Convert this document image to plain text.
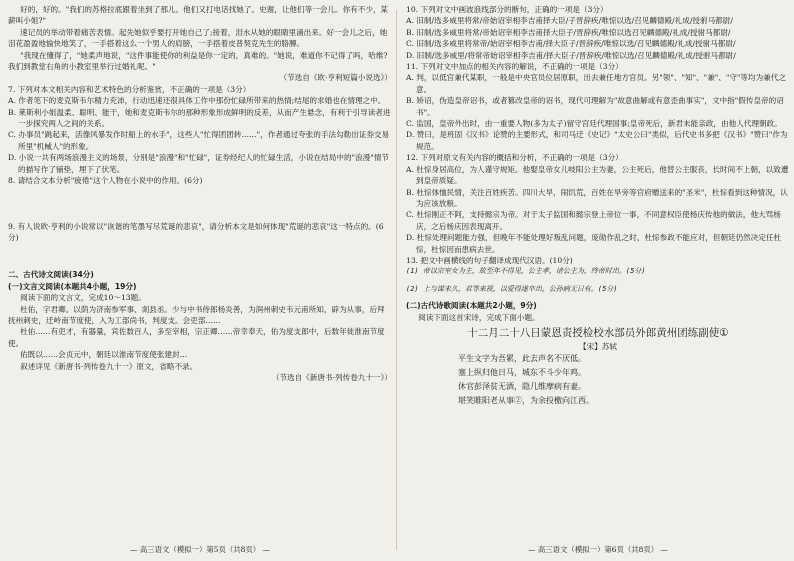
好的，好的。"我们的苏格拉底跟着坐到了那儿。他们又打电话找她了。史谢，让他们等一会儿。你有不少，某薪叫小姐?"

速记员的举动带着痛苦表情。起先她似乎要打开她自己了;接着，泪水从她的眼睛里涌出来。好一会儿之后，她泪花盈盈地愉快地笑了，一手搭着这么一个男人的肩膀，一手搭着皮普契克先生的胳膊。

"我现在懂得了，"她柔声地说，"这件事能使你的利益是你一定的，真难的。"她说，难道你不记得了吗，哈维?我们到教堂右角的小教室里举行过婚礼呢。"

（节选自《欧·亨利短篇小说选》）

7. 下列对本文相关内容和艺术特色的分析鉴赏，不正确的一项是（3分）

A. 作者笔下的麦克斯韦尔精力充沛，行动迅速还很具体工作中那份忙碌所带来的热情;结尾的求婚也在情理之中。

B. 莱斯利小姐温柔、聪明、能干，她和麦克斯韦尔的那种形象形成鲜明的反差，从而产生悬念，有利于引导读者进一步探究两人之间的关系。

C. 办事员"跳起来，活像风暴发作时船上的水手"，这些人"忙得团团转……"，作者通过夸张的手法勾勒出证券交易所里"机械人"的形象。

D. 小说一共有两场浪漫主义的场景，分别是"浪漫"和"忙碌"，证券经纪人的忙碌生活，小说在结局中的"浪漫"情节的描写作了铺垫，埋下了伏笔。

8. 请结合文本分析"疲倦"这个人物在小说中的作用。(6分)

9. 有人说欧·亨利的小说常以"诙谐的笔墨写尽荒诞的悲哀"，请分析本文是如何体现"荒诞的悲哀"这一特点的。(6分)

二、古代诗文阅读(34分)

(一)文言文阅读(本题共4小题，19分)

阅读下面的文言文，完成10～13题。

杜佑，字君卿。以荫为济南参军事、剡县丞。少与中书侍郎杨炎善，为润州刺史韦元甫所知，辟为从事，后拜抚州刺史，迁岭南节度使，入为工部尚书，判度支。会吏部……

杜佑……有吏才，有器量，宾佐数百人，多至宰相，宗正卿……帝幸奉天，佑为度支郎中，后数年徙淮南节度使。

佑既以……会贞元中，朝廷以淮南节度使张建封…

叙述详见《新唐书·列传卷九十一》原文，省略不录。

（节选自《新唐书·列传卷九十一》）

10. 下列对文中画波浪线部分的断句，正确的一项是（3分）

A. 旧制/选多威里将常/帝始诏宰相李吉甫择大臣/子晋辞疾/唯惊以选/召见麟德殿/礼成/授驸马都尉/

B. 旧制/选多威里将常/帝始诏宰相李吉甫择大臣子/晋辞疾/唯惊以选召见麟德殿/礼成/授驸马都尉/

C. 旧制/选多威里将常帝/始诏宰相李吉甫/择大臣子/晋辞疾/唯惊以选/召见麟德殿/礼成/授驸马都尉/

D. 旧制/选多威里/将常帝始诏宰相李吉甫/择大臣子/晋辞疾/唯惊以选/召见麟德殿/礼成/授驸马都尉/

11. 下列对文中加点的相关内容的解说，不正确的一项是（3分）

A. 判，以低官兼代某职，一般是中央官员位居原职，出去兼任地方官员。另"领"、"知"、"兼"、"守"等均为兼代之意。

B. 矫诏，伪造皇帝诏书，或者篡改皇帝的诏书，现代可理解为"故意曲解或有意歪曲事实"，文中指"假传皇帝的诏书"。

C. 监国，皇帝外出时，由一重要人物(多为太子)留守宫廷代理国事;皇帝死后，新君未能亲政，由他人代理朝政。

D. 赞曰，是班固《汉书》论赞的主要形式，和司马迁《史记》"太史公曰"类似，后代史书多把《汉书》"赞曰"作为规范。

12. 下列对原文有关内容的概括和分析，不正确的一项是（3分）

A. 杜悰身居高位，为人谨守规矩。他娶皇帝女儿岐阳公主为妻，公主死后，他替公主服丧，长时间不上朝，以致遭到皇帝质疑。

B. 杜悰体恤民情，关注百姓疾苦。四川大旱，闹饥荒，百姓在旱旁等官府赠送来的"圣米"，杜悰看到这种情况，认为应该放粮。

C. 杜悰刚正不阿，支持懿宗为帝。对于太子监国和懿宗登上帝位一事，不同意权臣使杨庆传他的做法，他大骂杨庆，之后杨庆因表现离开。

D. 杜悰处理问题能力强，但晚年不能处理好叛乱问题，庞勋作乱之时，杜悰参政不能应对，但朝廷仍然决定任杜悰，杜悰因而患病去世。

13. 把文中画横线的句子翻译成现代汉语。(10分)

(1) 帝以宗室女为主，故至年不得见，公主孝，诸公主为，终帝时出。(5分)

(2) 上与谋未久，君等来视，以爱得遂卒出，公孙病无日有。(5分)

(二)古代诗歌阅读(本题共2小题，9分)

阅读下面这首宋诗，完成下面小题。

十二月二十八日蒙恩责授检校水部员外郎黄州团练副使①

【宋】苏轼

平生文字为吾累，此去声名不厌低。

塞上纵归他日马，城东不斗少年鸡。

休官彭泽贫无酒，隐几维摩病有妻。

堪笑睢阳老从事②，为余投檄向江西。

— 高三语文（模拟一）第5页（共8页） —	— 高三语文（模拟一）第6页（共8页） —
